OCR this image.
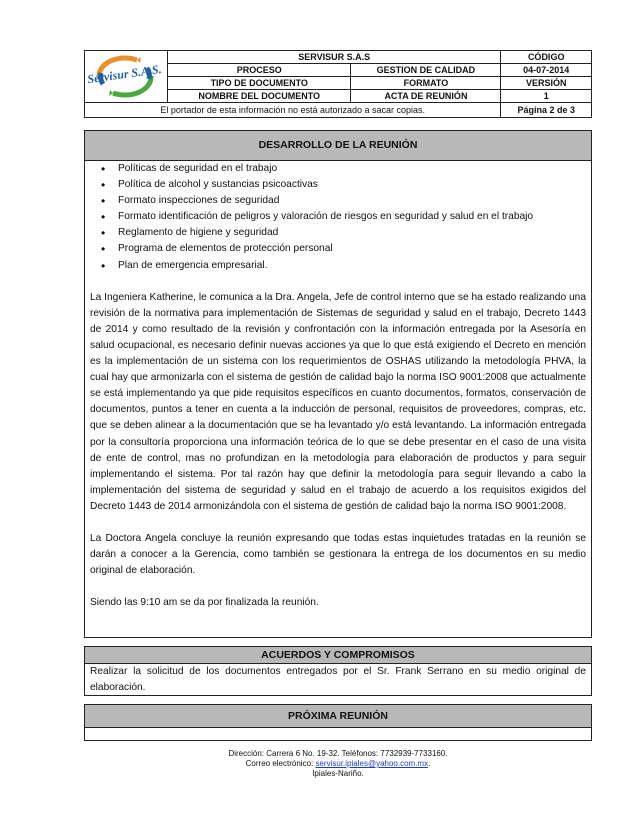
Servisur S.A.S.	SERVISUR S.A.S		CÓDIGO
	PROCESO	GESTION DE CALIDAD	04-07-2014
	TIPO DE DOCUMENTO	FORMATO	VERSIÓN
	NOMBRE DEL DOCUMENTO	ACTA DE REUNIÓN	1
El portador de esta información no está autorizado a sacar copias.			Página 2 de 3
DESARROLLO DE LA REUNIÓN
• Políticas de seguridad en el trabajo
• Política de alcohol y sustancias psicoactivas
• Formato inspecciones de seguridad
• Formato identificación de peligros y valoración de riesgos en seguridad y salud en el trabajo
• Reglamento de higiene y seguridad
• Programa de elementos de protección personal
• Plan de emergencia empresarial.

La Ingeniera Katherine, le comunica a la Dra. Angela, Jefe de control interno que se ha estado realizando una revisión de la normativa para implementación de Sistemas de seguridad y salud en el trabajo, Decreto 1443 de 2014 y como resultado de la revisión y confrontación con la información entregada por la Asesoría en salud ocupacional, es necesario definir nuevas acciones ya que lo que está exigiendo el Decreto en mención es la implementación de un sistema con los requerimientos de OSHAS utilizando la metodología PHVA, la cual hay que armonizarla con el sistema de gestión de calidad bajo la norma ISO 9001:2008 que actualmente se está implementando ya que pide requisitos específicos en cuanto documentos, formatos, conservación de documentos, puntos a tener en cuenta a la inducción de personal, requisitos de proveedores, compras, etc. que se deben alinear a la documentación que se ha levantado y/o está levantando. La información entregada por la consultoría proporciona una información teórica de lo que se debe presentar en el caso de una visita de ente de control, mas no profundizan en la metodología para elaboración de productos y para seguir implementando el sistema. Por tal razón hay que definir la metodología para seguir llevando a cabo la implementación del sistema de seguridad y salud en el trabajo de acuerdo a los requisitos exigidos del Decreto 1443 de 2014 armonizándola con el sistema de gestión de calidad bajo la norma ISO 9001:2008.

La Doctora Angela concluye la reunión expresando que todas estas inquietudes tratadas en la reunión se darán a conocer a la Gerencia, como también se gestionara la entrega de los documentos en su medio original de elaboración.

Siendo las 9:10 am se da por finalizada la reunión.

ACUERDOS Y COMPROMISOS
Realizar la solicitud de los documentos entregados por el Sr. Frank Serrano en su medio original de elaboración.
PRÓXIMA REUNIÓN
Dirección: Carrera 6 No. 19-32. Teléfonos: 7732939-7733160.
Correo electrónico: servisur.ipiales@yahoo.com.mx.
Ipiales-Nariño.
